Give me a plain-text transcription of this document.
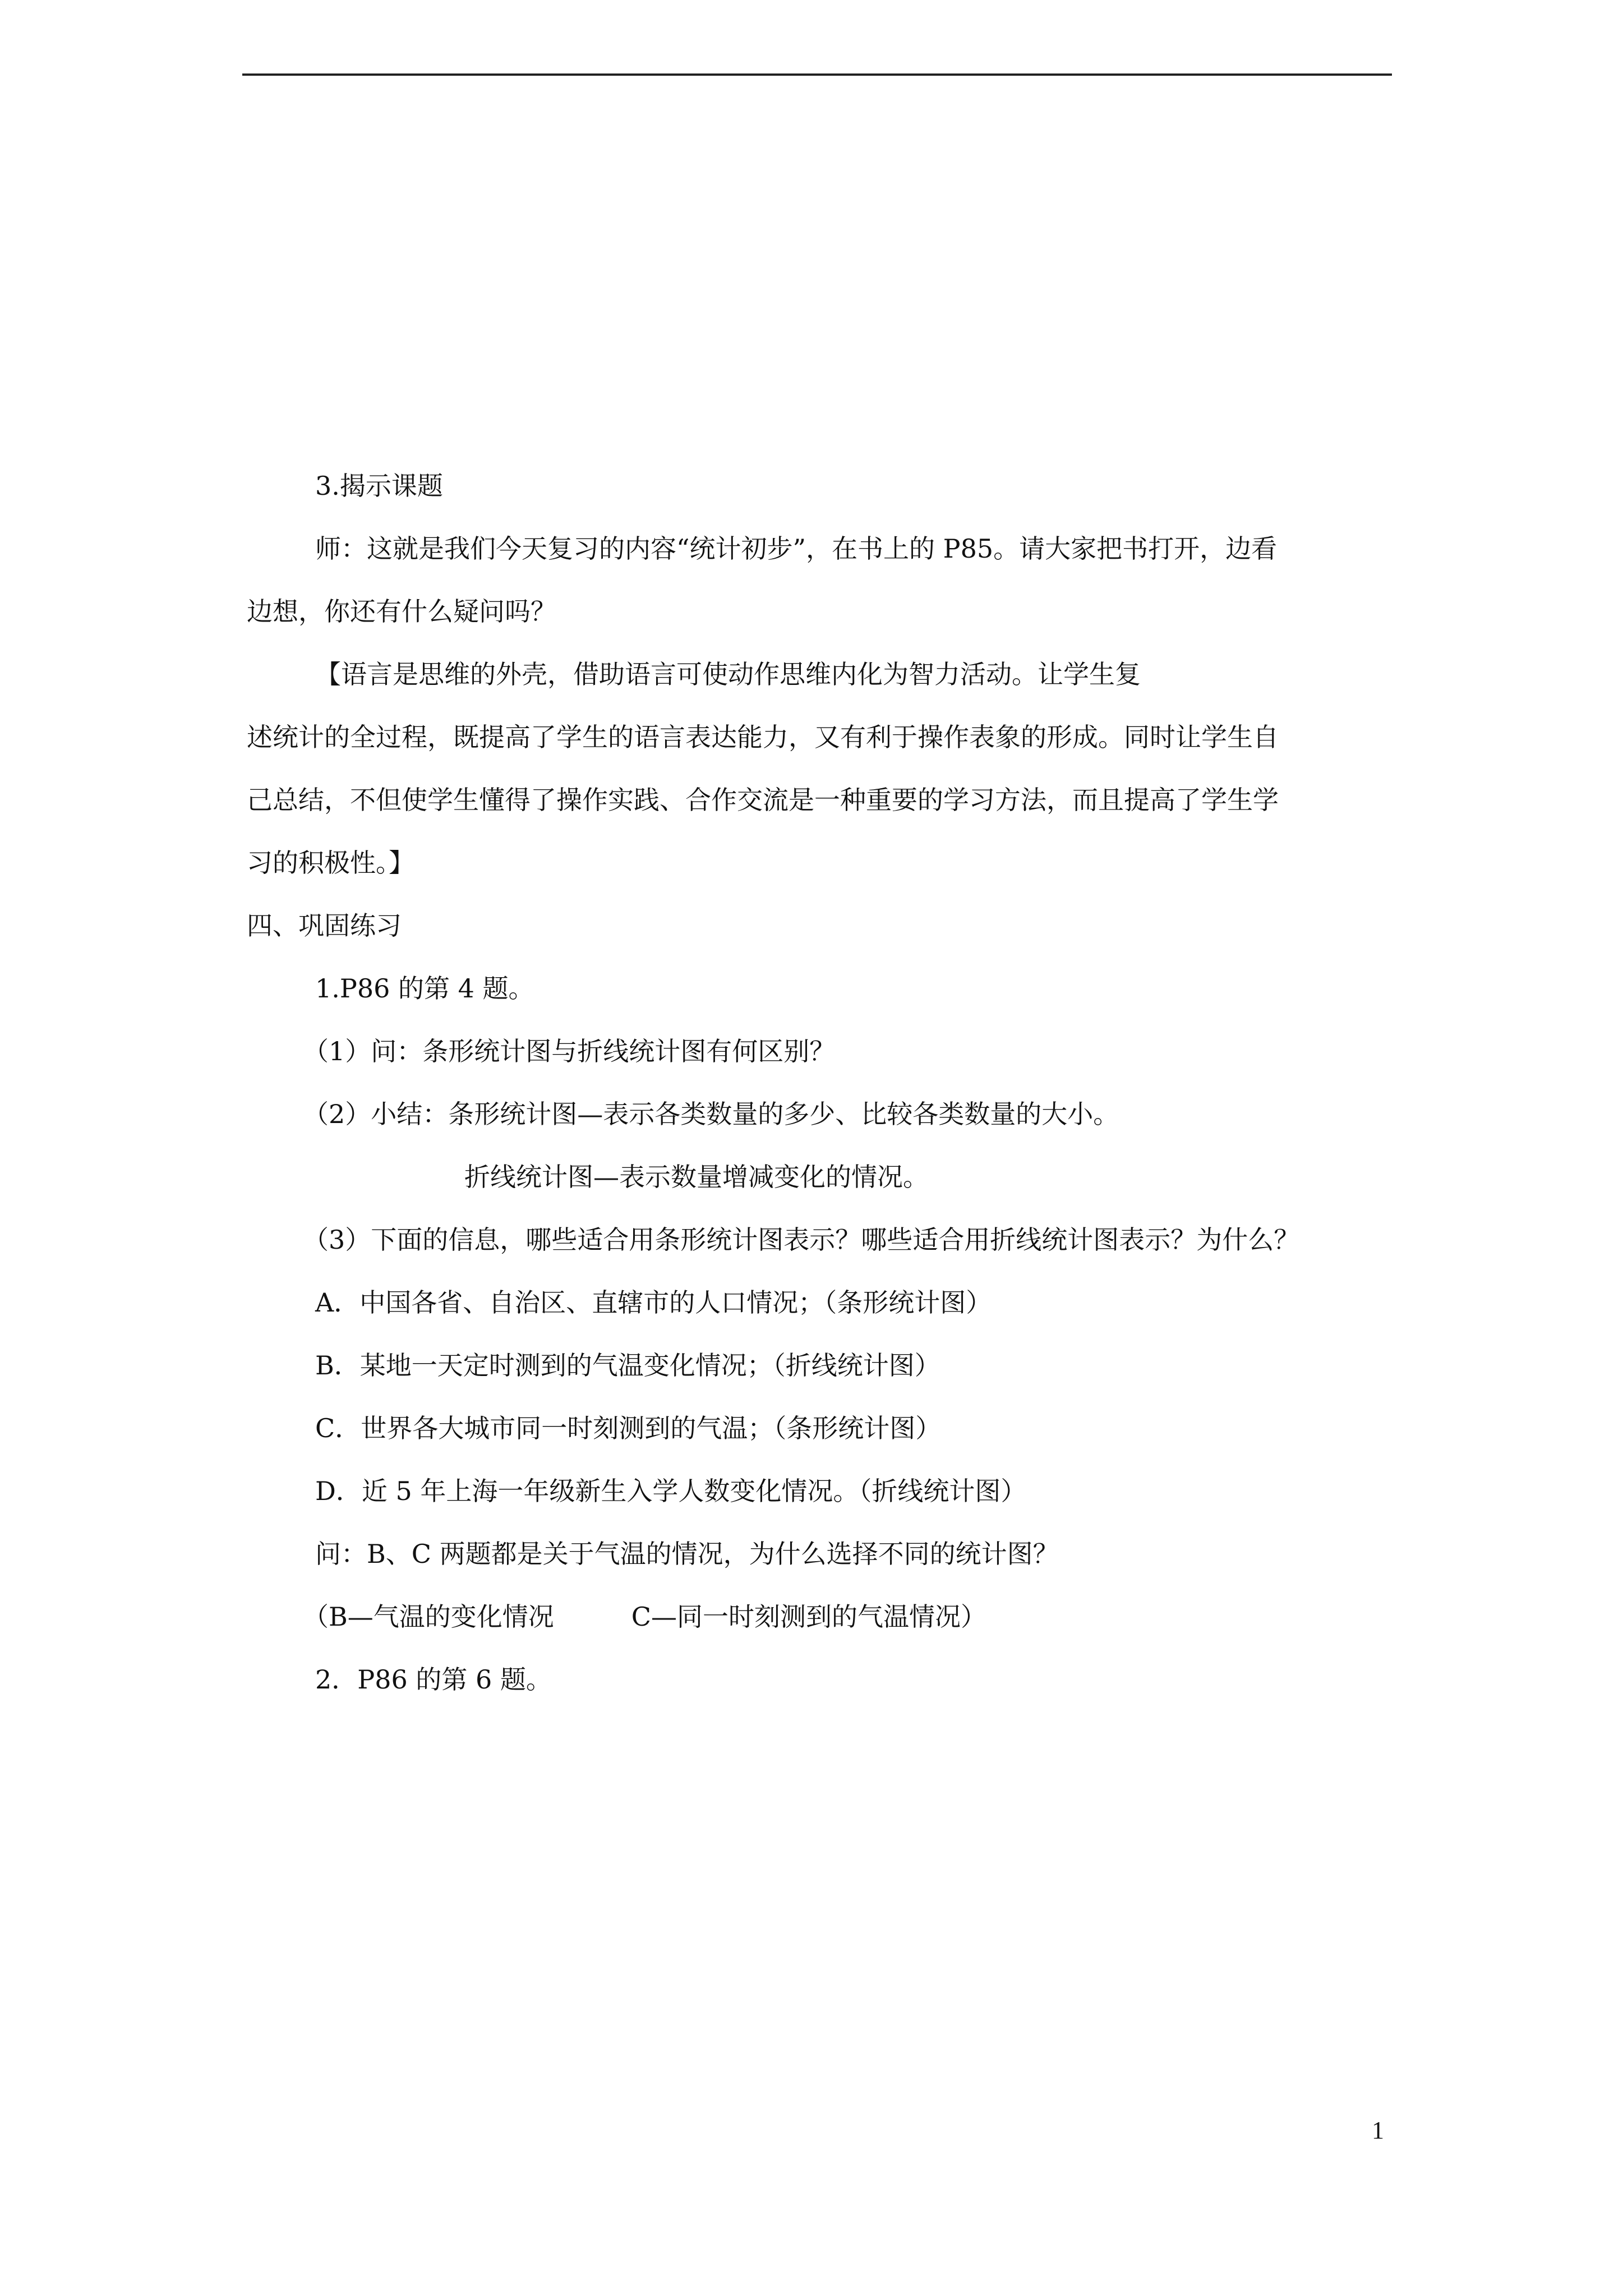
3.揭示课题

师：这就是我们今天复习的内容“统计初步”，在书上的 P85。请大家把书打开，边看

边想，你还有什么疑问吗？

【语言是思维的外壳，借助语言可使动作思维内化为智力活动。让学生复

述统计的全过程，既提高了学生的语言表达能力，又有利于操作表象的形成。同时让学生自

己总结，不但使学生懂得了操作实践、合作交流是一种重要的学习方法，而且提高了学生学

习的积极性。】

四、巩固练习

1.P86 的第 4 题。

（1）问：条形统计图与折线统计图有何区别？

（2）小结：条形统计图—表示各类数量的多少、比较各类数量的大小。

折线统计图—表示数量增减变化的情况。

（3）下面的信息，哪些适合用条形统计图表示？哪些适合用折线统计图表示？为什么？

A．中国各省、自治区、直辖市的人口情况；（条形统计图）

B．某地一天定时测到的气温变化情况；（折线统计图）

C．世界各大城市同一时刻测到的气温；（条形统计图）

D．近 5 年上海一年级新生入学人数变化情况。（折线统计图）

问：B、C 两题都是关于气温的情况，为什么选择不同的统计图？

（B—气温的变化情况　　　C—同一时刻测到的气温情况）

2．P86 的第 6 题。

1
